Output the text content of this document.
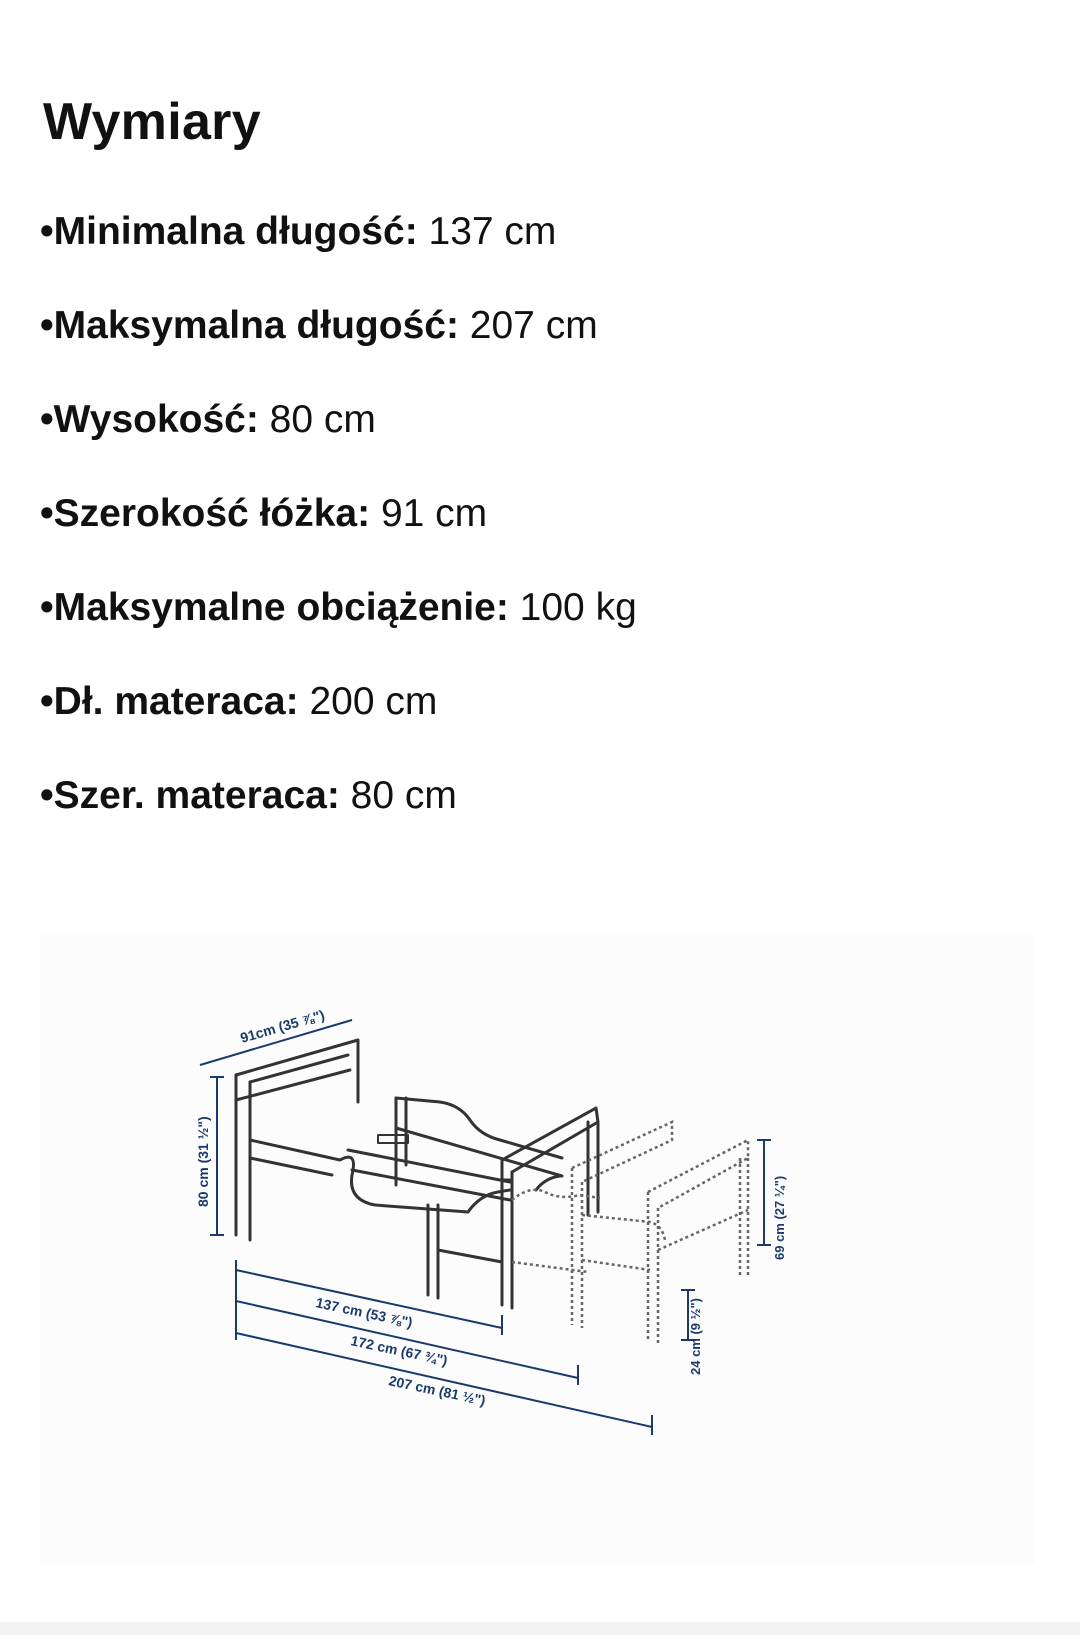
Wymiary
•Minimalna długość: 137 cm
•Maksymalna długość: 207 cm
•Wysokość: 80 cm
•Szerokość łóżka: 91 cm
•Maksymalne obciążenie: 100 kg
•Dł. materaca: 200 cm
•Szer. materaca: 80 cm
91cm (35 ⅞")
80 cm (31 ½")
137 cm (53 ⅞")
172 cm (67 ¾")
207 cm (81 ½")
69 cm (27 ¼")
24 cm (9 ½")
